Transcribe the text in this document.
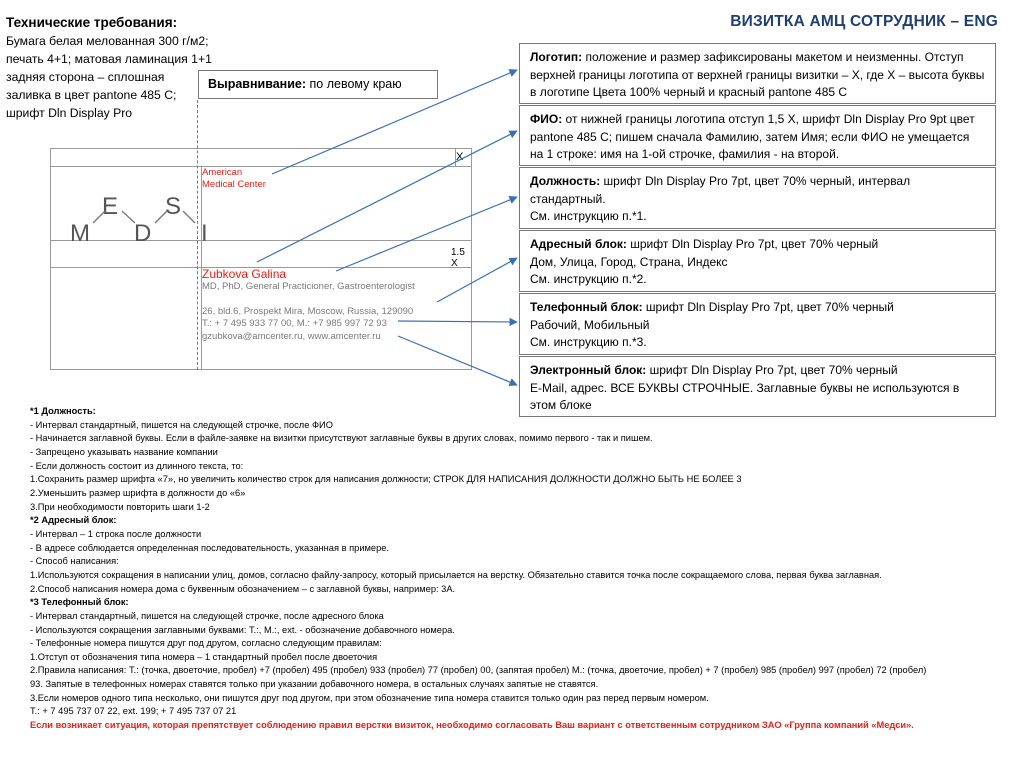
Технические требования:
Бумага белая мелованная 300 г/м2;
печать 4+1; матовая ламинация 1+1
задняя сторона – сплошная
заливка в цвет pantone 485 C;
шрифт Dln Display Pro
ВИЗИТКА АМЦ СОТРУДНИК – ENG
Выравнивание: по левому краю
Логотип: положение и размер зафиксированы макетом и неизменны. Отступ верхней границы логотипа от верхней границы визитки – Х, где Х – высота буквы в логотипе Цвета 100% черный и красный pantone 485 C
ФИО: от нижней границы логотипа отступ 1,5 Х, шрифт Dln Display Pro 9pt цвет pantone 485 C; пишем сначала Фамилию, затем Имя; если ФИО не умещается на 1 строке: имя на 1-ой строчке, фамилия - на второй.
Должность: шрифт Dln Display Pro 7pt, цвет 70% черный, интервал стандартный.
См. инструкцию п.*1.
Адресный блок: шрифт Dln Display Pro 7pt, цвет 70% черный
Дом, Улица, Город, Страна, Индекс
См. инструкцию п.*2.
Телефонный блок: шрифт Dln Display Pro 7pt, цвет 70% черный
Рабочий, Мобильный
См. инструкцию п.*3.
Электронный блок: шрифт Dln Display Pro 7pt, цвет 70% черный
E-Mail, адрес. ВСЕ БУКВЫ СТРОЧНЫЕ. Заглавные буквы не используются в этом блоке
M
E
D
S
I
American
Medical Center
X
1.5 X
Zubkova Galina
MD, PhD, General Practicioner, Gastroenterologist
26, bld.6, Prospekt Mira, Moscow, Russia, 129090
T.: + 7 495 933 77 00, M.: +7 985 997 72 93
gzubkova@amcenter.ru, www.amcenter.ru
*1 Должность:
- Интервал стандартный, пишется на следующей строчке, после ФИО
- Начинается заглавной буквы. Если в файле-заявке на визитки присутствуют заглавные буквы в других словах, помимо первого - так и пишем.
- Запрещено указывать название компании
- Если должность состоит из длинного текста, то:
1.Сохранить размер шрифта «7», но увеличить количество строк для написания должности; СТРОК ДЛЯ НАПИСАНИЯ ДОЛЖНОСТИ ДОЛЖНО БЫТЬ НЕ БОЛЕЕ 3
2.Уменьшить размер шрифта в должности до «6»
3.При необходимости повторить шаги 1-2
*2 Адресный блок:
- Интервал – 1 строка после должности
- В адресе соблюдается определенная последовательность, указанная в примере.
- Способ написания:
1.Используются сокращения в написании улиц, домов, согласно файлу-запросу, который присылается на верстку. Обязательно ставится точка после сокращаемого слова, первая буква заглавная.
2.Способ написания номера дома с буквенным обозначением – с заглавной буквы, например: 3А.
*3 Телефонный блок:
- Интервал стандартный, пишется на следующей строчке, после адресного блока
- Используются сокращения заглавными буквами: Т.:, М.:, ext. - обозначение добавочного номера.
- Телефонные номера пишутся друг под другом, согласно следующим правилам:
1.Отступ от обозначения типа номера – 1 стандартный пробел после двоеточия
2.Правила написания: Т.: (точка, двоеточие, пробел) +7 (пробел) 495 (пробел) 933 (пробел) 77 (пробел) 00, (запятая пробел) М.: (точка, двоеточие, пробел) + 7 (пробел) 985 (пробел) 997 (пробел) 72 (пробел)
93. Запятые в телефонных номерах ставятся только при указании добавочного номера, в остальных случаях запятые не ставятся.
3.Если номеров одного типа несколько, они пишутся друг под другом, при этом обозначение типа номера ставится только один раз перед первым номером.
Т.: + 7 495 737 07 22, ext. 199; + 7 495 737 07 21
Если возникает ситуация, которая препятствует соблюдению правил верстки визиток, необходимо согласовать Ваш вариант с ответственным сотрудником ЗАО «Группа компаний «Медси».
